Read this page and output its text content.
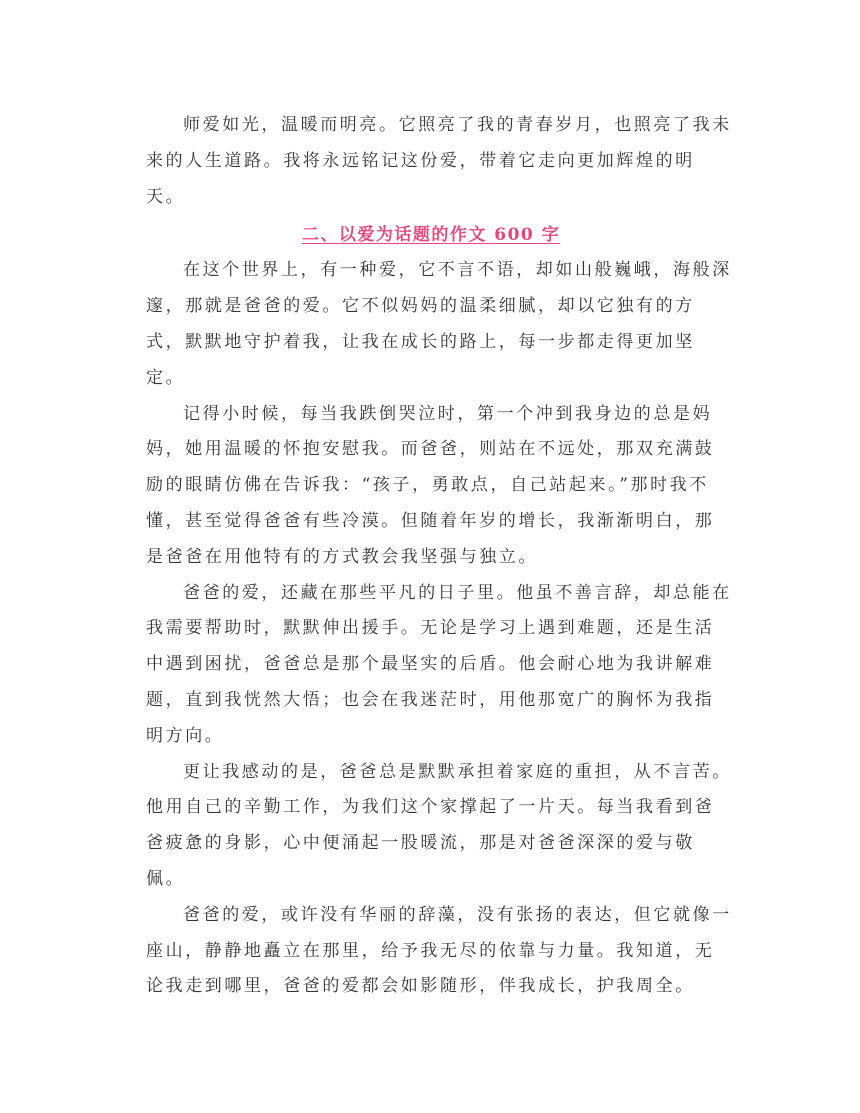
师爱如光，温暖而明亮。它照亮了我的青春岁月，也照亮了我未
来的人生道路。我将永远铭记这份爱，带着它走向更加辉煌的明
天。
二、以爱为话题的作文 600 字
在这个世界上，有一种爱，它不言不语，却如山般巍峨，海般深
邃，那就是爸爸的爱。它不似妈妈的温柔细腻，却以它独有的方
式，默默地守护着我，让我在成长的路上，每一步都走得更加坚
定。
记得小时候，每当我跌倒哭泣时，第一个冲到我身边的总是妈
妈，她用温暖的怀抱安慰我。而爸爸，则站在不远处，那双充满鼓
励的眼睛仿佛在告诉我：“孩子，勇敢点，自己站起来。”那时我不
懂，甚至觉得爸爸有些冷漠。但随着年岁的增长，我渐渐明白，那
是爸爸在用他特有的方式教会我坚强与独立。
爸爸的爱，还藏在那些平凡的日子里。他虽不善言辞，却总能在
我需要帮助时，默默伸出援手。无论是学习上遇到难题，还是生活
中遇到困扰，爸爸总是那个最坚实的后盾。他会耐心地为我讲解难
题，直到我恍然大悟；也会在我迷茫时，用他那宽广的胸怀为我指
明方向。
更让我感动的是，爸爸总是默默承担着家庭的重担，从不言苦。
他用自己的辛勤工作，为我们这个家撑起了一片天。每当我看到爸
爸疲惫的身影，心中便涌起一股暖流，那是对爸爸深深的爱与敬
佩。
爸爸的爱，或许没有华丽的辞藻，没有张扬的表达，但它就像一
座山，静静地矗立在那里，给予我无尽的依靠与力量。我知道，无
论我走到哪里，爸爸的爱都会如影随形，伴我成长，护我周全。
